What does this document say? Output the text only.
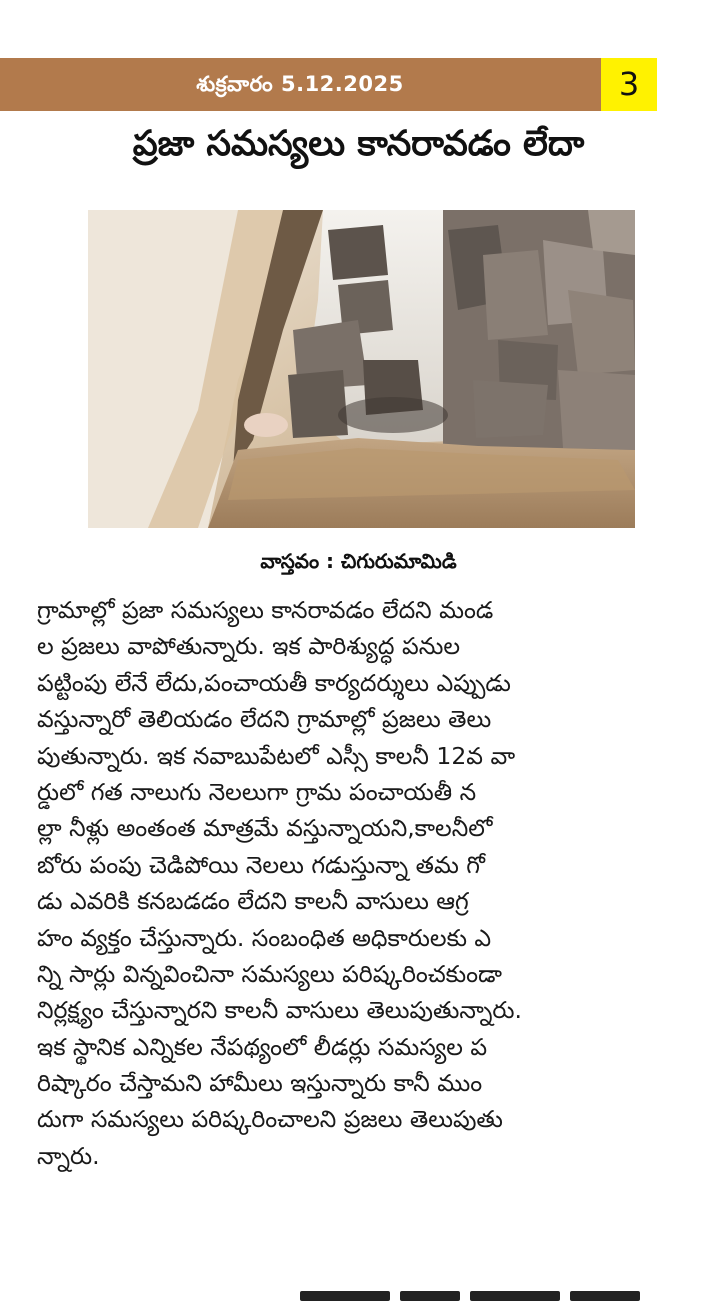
శుక్రవారం 5.12.2025	3
ప్రజా సమస్యలు కానరావడం లేదా
వాస్తవం : చిగురుమామిడి
గ్రామాల్లో ప్రజా సమస్యలు కానరావడం లేదని మండ
ల ప్రజలు వాపోతున్నారు. ఇక పారిశ్యుద్ధ పనుల
పట్టింపు లేనే లేదు,పంచాయతీ కార్యదర్శులు ఎప్పుడు
వస్తున్నారో తెలియడం లేదని గ్రామాల్లో ప్రజలు తెలు
పుతున్నారు. ఇక నవాబుపేటలో ఎస్సీ కాలనీ 12వ వా
ర్డులో గత నాలుగు నెలలుగా గ్రామ పంచాయతీ న
ల్లా నీళ్లు అంతంత మాత్రమే వస్తున్నాయని,కాలనీలో
బోరు పంపు చెడిపోయి నెలలు గడుస్తున్నా తమ గో
డు ఎవరికి కనబడడం లేదని కాలనీ వాసులు ఆగ్ర
హం వ్యక్తం చేస్తున్నారు. సంబంధిత అధికారులకు ఎ
న్ని సార్లు విన్నవించినా సమస్యలు పరిష్కరించకుండా
నిర్లక్ష్యం చేస్తున్నారని కాలనీ వాసులు తెలుపుతున్నారు.
ఇక స్థానిక ఎన్నికల నేపథ్యంలో లీడర్లు సమస్యల ప
రిష్కారం చేస్తామని హామీలు ఇస్తున్నారు కానీ ముం
దుగా సమస్యలు పరిష్కరించాలని ప్రజలు తెలుపుతు
న్నారు.
